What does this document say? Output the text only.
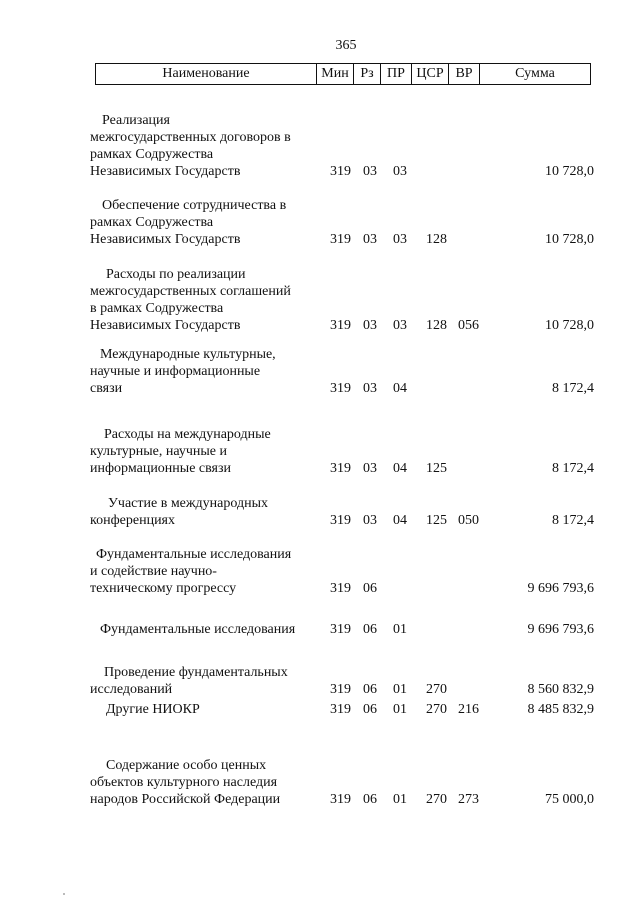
365
Наименование	Мин	Рз	ПР	ЦСР	ВР	Сумма
Реализация
межгосударственных договоров в
рамках Содружества
Независимых Государств	319 03 03	10 728,0
Обеспечение сотрудничества в
рамках Содружества
Независимых Государств	319 03 03 128	10 728,0
Расходы по реализации
межгосударственных соглашений
в рамках Содружества
Независимых Государств	319 03 03 128 056	10 728,0
Международные культурные,
научные и информационные
связи	319 03 04	8 172,4
Расходы на международные
культурные, научные и
информационные связи	319 03 04 125	8 172,4
Участие в международных
конференциях	319 03 04 125 050	8 172,4
Фундаментальные исследования
и содействие научно-
техническому прогрессу	319 06	9 696 793,6
Фундаментальные исследования	319 06 01	9 696 793,6
Проведение фундаментальных
исследований	319 06 01 270	8 560 832,9
Другие НИОКР	319 06 01 270 216	8 485 832,9
Содержание особо ценных
объектов культурного наследия
народов Российской Федерации	319 06 01 270 273	75 000,0
